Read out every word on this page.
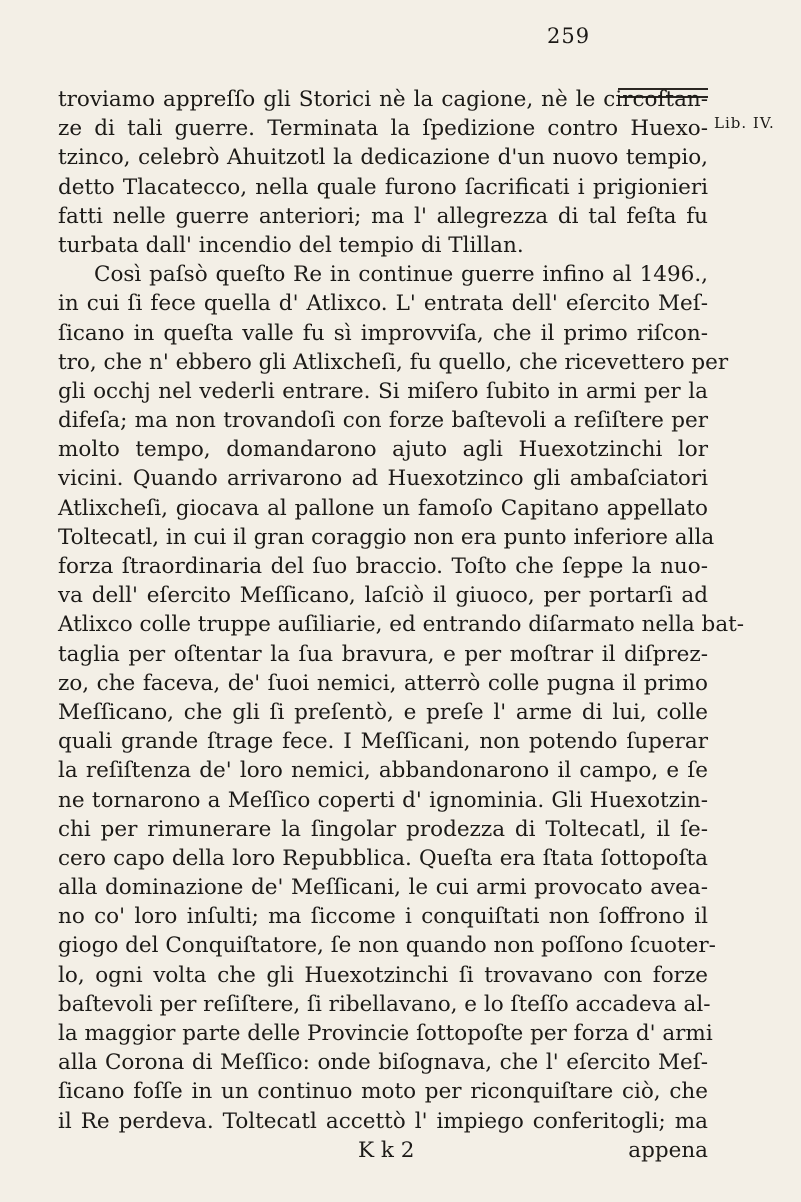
259
Lib. IV.
troviamo appreſſo gli Storici nè la cagione, nè le circoſtan-
ze di tali guerre. Terminata la ſpedizione contro Huexo-
tzinco, celebrò Ahuitzotl la dedicazione d'un nuovo tempio,
detto Tlacatecco, nella quale furono ſacrificati i prigionieri
fatti nelle guerre anteriori; ma l' allegrezza di tal feſta fu
turbata dall' incendio del tempio di Tlillan.
Così paſsò queſto Re in continue guerre infino al 1496.,
in cui ſi fece quella d' Atlixco. L' entrata dell' eſercito Meſ-
ſicano in queſta valle fu sì improvviſa, che il primo riſcon-
tro, che n' ebbero gli Atlixcheſi, fu quello, che ricevettero per
gli occhj nel vederli entrare. Si miſero ſubito in armi per la
difeſa; ma non trovandoſi con forze baſtevoli a reſiſtere per
molto tempo, domandarono ajuto agli Huexotzinchi lor
vicini. Quando arrivarono ad Huexotzinco gli ambaſciatori
Atlixcheſi, giocava al pallone un famoſo Capitano appellato
Toltecatl, in cui il gran coraggio non era punto inferiore alla
forza ſtraordinaria del ſuo braccio. Toſto che ſeppe la nuo-
va dell' eſercito Meſſicano, laſciò il giuoco, per portarſi ad
Atlixco colle truppe auſiliarie, ed entrando diſarmato nella bat-
taglia per oſtentar la ſua bravura, e per moſtrar il diſprez-
zo, che faceva, de' ſuoi nemici, atterrò colle pugna il primo
Meſſicano, che gli ſi preſentò, e preſe l' arme di lui, colle
quali grande ſtrage fece. I Meſſicani, non potendo ſuperar
la reſiſtenza de' loro nemici, abbandonarono il campo, e ſe
ne tornarono a Meſſico coperti d' ignominia. Gli Huexotzin-
chi per rimunerare la ſingolar prodezza di Toltecatl, il ſe-
cero capo della loro Repubblica. Queſta era ſtata ſottopoſta
alla dominazione de' Meſſicani, le cui armi provocato avea-
no co' loro inſulti; ma ſiccome i conquiſtati non ſoffrono il
giogo del Conquiſtatore, ſe non quando non poſſono ſcuoter-
lo, ogni volta che gli Huexotzinchi ſi trovavano con forze
baſtevoli per reſiſtere, ſi ribellavano, e lo ſteſſo accadeva al-
la maggior parte delle Provincie ſottopoſte per forza d' armi
alla Corona di Meſſico: onde biſognava, che l' eſercito Meſ-
ſicano foſſe in un continuo moto per riconquiſtare ciò, che
il Re perdeva. Toltecatl accettò l' impiego conferitogli; ma
K k 2	appena
